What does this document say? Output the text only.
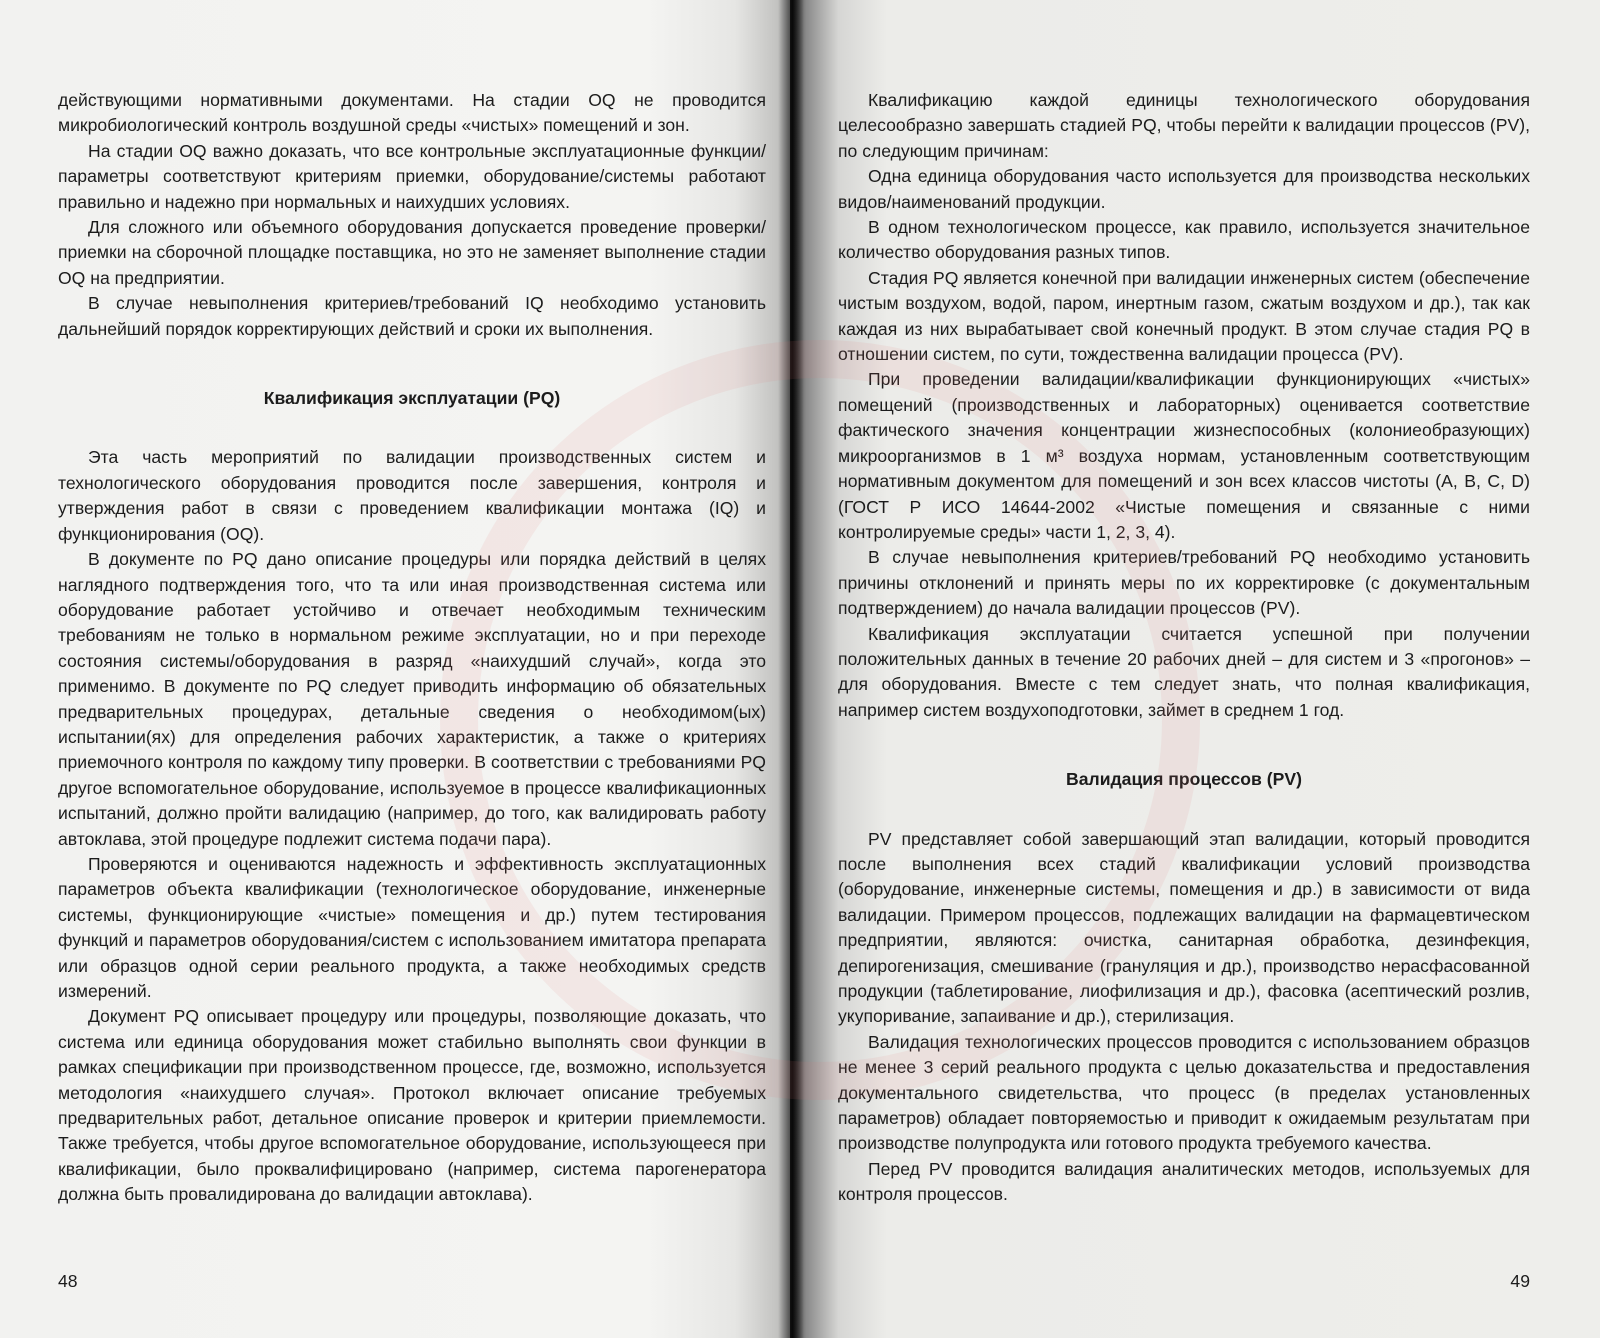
действующими нормативными документами. На стадии OQ не проводится микробиологический контроль воздушной среды «чистых» помещений и зон.

На стадии OQ важно доказать, что все контрольные эксплуатационные функции/параметры соответствуют критериям приемки, оборудование/системы работают правильно и надежно при нормальных и наихудших условиях.

Для сложного или объемного оборудования допускается проведение проверки/приемки на сборочной площадке поставщика, но это не заменяет выполнение стадии OQ на предприятии.

В случае невыполнения критериев/требований IQ необходимо установить дальнейший порядок корректирующих действий и сроки их выполнения.

Квалификация эксплуатации (PQ)

Эта часть мероприятий по валидации производственных систем и технологического оборудования проводится после завершения, контроля и утверждения работ в связи с проведением квалификации монтажа (IQ) и функционирования (OQ).

В документе по PQ дано описание процедуры или порядка действий в целях наглядного подтверждения того, что та или иная производственная система или оборудование работает устойчиво и отвечает необходимым техническим требованиям не только в нормальном режиме эксплуатации, но и при переходе состояния системы/оборудования в разряд «наихудший случай», когда это применимо. В документе по PQ следует приводить информацию об обязательных предварительных процедурах, детальные сведения о необходимом(ых) испытании(ях) для определения рабочих характеристик, а также о критериях приемочного контроля по каждому типу проверки. В соответствии с требованиями PQ другое вспомогательное оборудование, используемое в процессе квалификационных испытаний, должно пройти валидацию (например, до того, как валидировать работу автоклава, этой процедуре подлежит система подачи пара).

Проверяются и оцениваются надежность и эффективность эксплуатационных параметров объекта квалификации (технологическое оборудование, инженерные системы, функционирующие «чистые» помещения и др.) путем тестирования функций и параметров оборудования/систем с использованием имитатора препарата или образцов одной серии реального продукта, а также необходимых средств измерений.

Документ PQ описывает процедуру или процедуры, позволяющие доказать, что система или единица оборудования может стабильно выполнять свои функции в рамках спецификации при производственном процессе, где, возможно, используется методология «наихудшего случая». Протокол включает описание требуемых предварительных работ, детальное описание проверок и критерии приемлемости. Также требуется, чтобы другое вспомогательное оборудование, использующееся при квалификации, было проквалифицировано (например, система парогенератора должна быть провалидирована до валидации автоклава).

48

Квалификацию каждой единицы технологического оборудования целесообразно завершать стадией PQ, чтобы перейти к валидации процессов (PV), по следующим причинам:

Одна единица оборудования часто используется для производства нескольких видов/наименований продукции.

В одном технологическом процессе, как правило, используется значительное количество оборудования разных типов.

Стадия PQ является конечной при валидации инженерных систем (обеспечение чистым воздухом, водой, паром, инертным газом, сжатым воздухом и др.), так как каждая из них вырабатывает свой конечный продукт. В этом случае стадия PQ в отношении систем, по сути, тождественна валидации процесса (PV).

При проведении валидации/квалификации функционирующих «чистых» помещений (производственных и лабораторных) оценивается соответствие фактического значения концентрации жизнеспособных (колониеобразующих) микроорганизмов в 1 м³ воздуха нормам, установленным соответствующим нормативным документом для помещений и зон всех классов чистоты (A, B, C, D) (ГОСТ Р ИСО 14644-2002 «Чистые помещения и связанные с ними контролируемые среды» части 1, 2, 3, 4).

В случае невыполнения критериев/требований PQ необходимо установить причины отклонений и принять меры по их корректировке (с документальным подтверждением) до начала валидации процессов (PV).

Квалификация эксплуатации считается успешной при получении положительных данных в течение 20 рабочих дней – для систем и 3 «прогонов» – для оборудования. Вместе с тем следует знать, что полная квалификация, например систем воздухоподготовки, займет в среднем 1 год.

Валидация процессов (PV)

PV представляет собой завершающий этап валидации, который проводится после выполнения всех стадий квалификации условий производства (оборудование, инженерные системы, помещения и др.) в зависимости от вида валидации. Примером процессов, подлежащих валидации на фармацевтическом предприятии, являются: очистка, санитарная обработка, дезинфекция, депирогенизация, смешивание (грануляция и др.), производство нерасфасованной продукции (таблетирование, лиофилизация и др.), фасовка (асептический розлив, укупоривание, запаивание и др.), стерилизация.

Валидация технологических процессов проводится с использованием образцов не менее 3 серий реального продукта с целью доказательства и предоставления документального свидетельства, что процесс (в пределах установленных параметров) обладает повторяемостью и приводит к ожидаемым результатам при производстве полупродукта или готового продукта требуемого качества.

Перед PV проводится валидация аналитических методов, используемых для контроля процессов.

49
